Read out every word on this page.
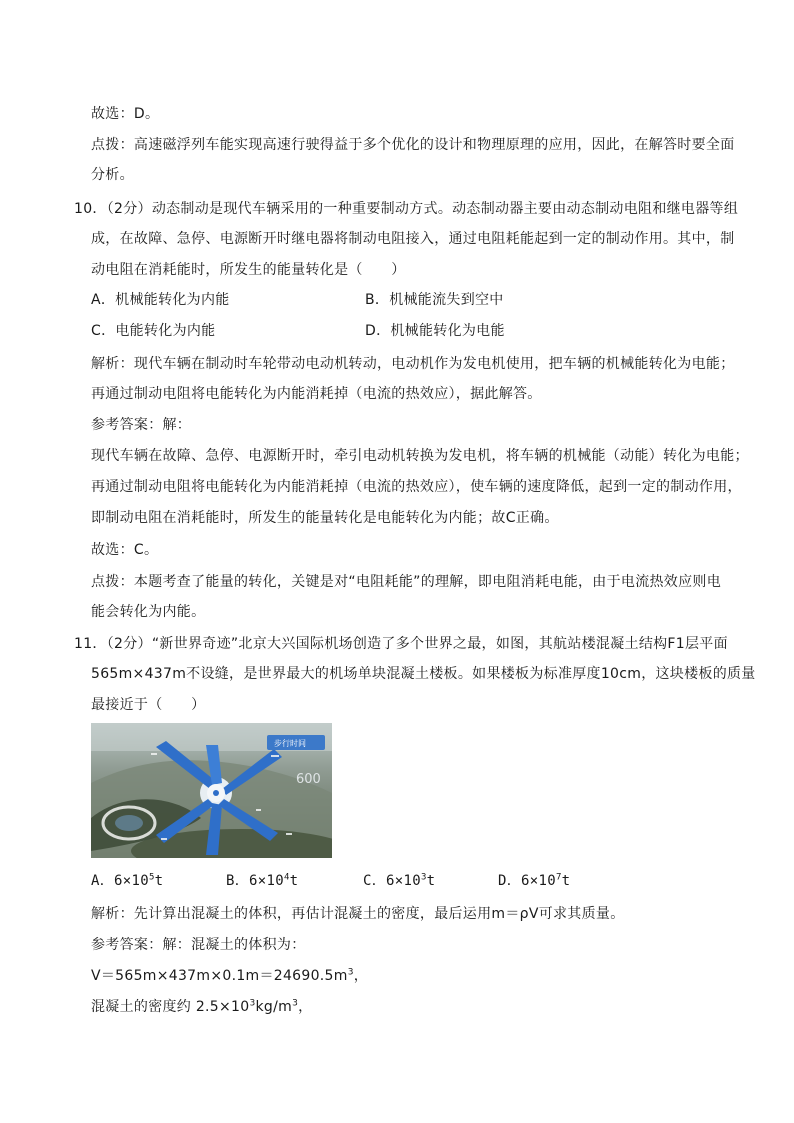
故选：D。
点拨：高速磁浮列车能实现高速行驶得益于多个优化的设计和物理原理的应用，因此，在解答时要全面
分析。
10．（2分）动态制动是现代车辆采用的一种重要制动方式。动态制动器主要由动态制动电阻和继电器等组
成，在故障、急停、电源断开时继电器将制动电阻接入，通过电阻耗能起到一定的制动作用。其中，制
动电阻在消耗能时，所发生的能量转化是（　　）
A．机械能转化为内能	B．机械能流失到空中
C．电能转化为内能	D．机械能转化为电能
解析：现代车辆在制动时车轮带动电动机转动，电动机作为发电机使用，把车辆的机械能转化为电能；
再通过制动电阻将电能转化为内能消耗掉（电流的热效应），据此解答。
参考答案：解：
现代车辆在故障、急停、电源断开时，牵引电动机转换为发电机，将车辆的机械能（动能）转化为电能；
再通过制动电阻将电能转化为内能消耗掉（电流的热效应），使车辆的速度降低，起到一定的制动作用，
即制动电阻在消耗能时，所发生的能量转化是电能转化为内能；故C正确。
故选：C。
点拨：本题考查了能量的转化，关键是对“电阻耗能”的理解，即电阻消耗电能，由于电流热效应则电
能会转化为内能。
11．（2分）“新世界奇迹”北京大兴国际机场创造了多个世界之最，如图，其航站楼混凝土结构F1层平面
565m×437m不设缝，是世界最大的机场单块混凝土楼板。如果楼板为标准厚度10cm，这块楼板的质量
最接近于（　　）
步行时间
600
A．$6\times 10^5t$	B．$6\times 10^4t$	C．$6\times 10^3t$	D．$6\times 10^7t$
解析：先计算出混凝土的体积，再估计混凝土的密度，最后运用m＝ρV可求其质量。
参考答案：解：混凝土的体积为：
$V=565m\times 437m\times 0.1m=24690.5m^3$，
混凝土的密度约 $2.5\times 10^3kg/m^3$，
